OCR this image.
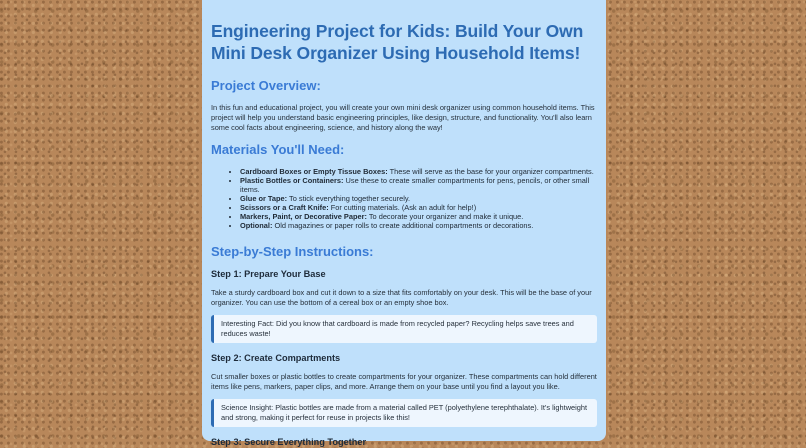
Engineering Project for Kids: Build Your Own Mini Desk Organizer Using Household Items!
Project Overview:

In this fun and educational project, you will create your own mini desk organizer using common household items. This project will help you understand basic engineering principles, like design, structure, and functionality. You'll also learn some cool facts about engineering, science, and history along the way!

Materials You'll Need:
• Cardboard Boxes or Empty Tissue Boxes: These will serve as the base for your organizer compartments.
• Plastic Bottles or Containers: Use these to create smaller compartments for pens, pencils, or other small items.
• Glue or Tape: To stick everything together securely.
• Scissors or a Craft Knife: For cutting materials. (Ask an adult for help!)
• Markers, Paint, or Decorative Paper: To decorate your organizer and make it unique.
• Optional: Old magazines or paper rolls to create additional compartments or decorations.
Step-by-Step Instructions:
Step 1: Prepare Your Base

Take a sturdy cardboard box and cut it down to a size that fits comfortably on your desk. This will be the base of your organizer. You can use the bottom of a cereal box or an empty shoe box.

Interesting Fact: Did you know that cardboard is made from recycled paper? Recycling helps save trees and reduces waste!

Step 2: Create Compartments

Cut smaller boxes or plastic bottles to create compartments for your organizer. These compartments can hold different items like pens, markers, paper clips, and more. Arrange them on your base until you find a layout you like.

Science Insight: Plastic bottles are made from a material called PET (polyethylene terephthalate). It's lightweight and strong, making it perfect for reuse in projects like this!

Step 3: Secure Everything Together
